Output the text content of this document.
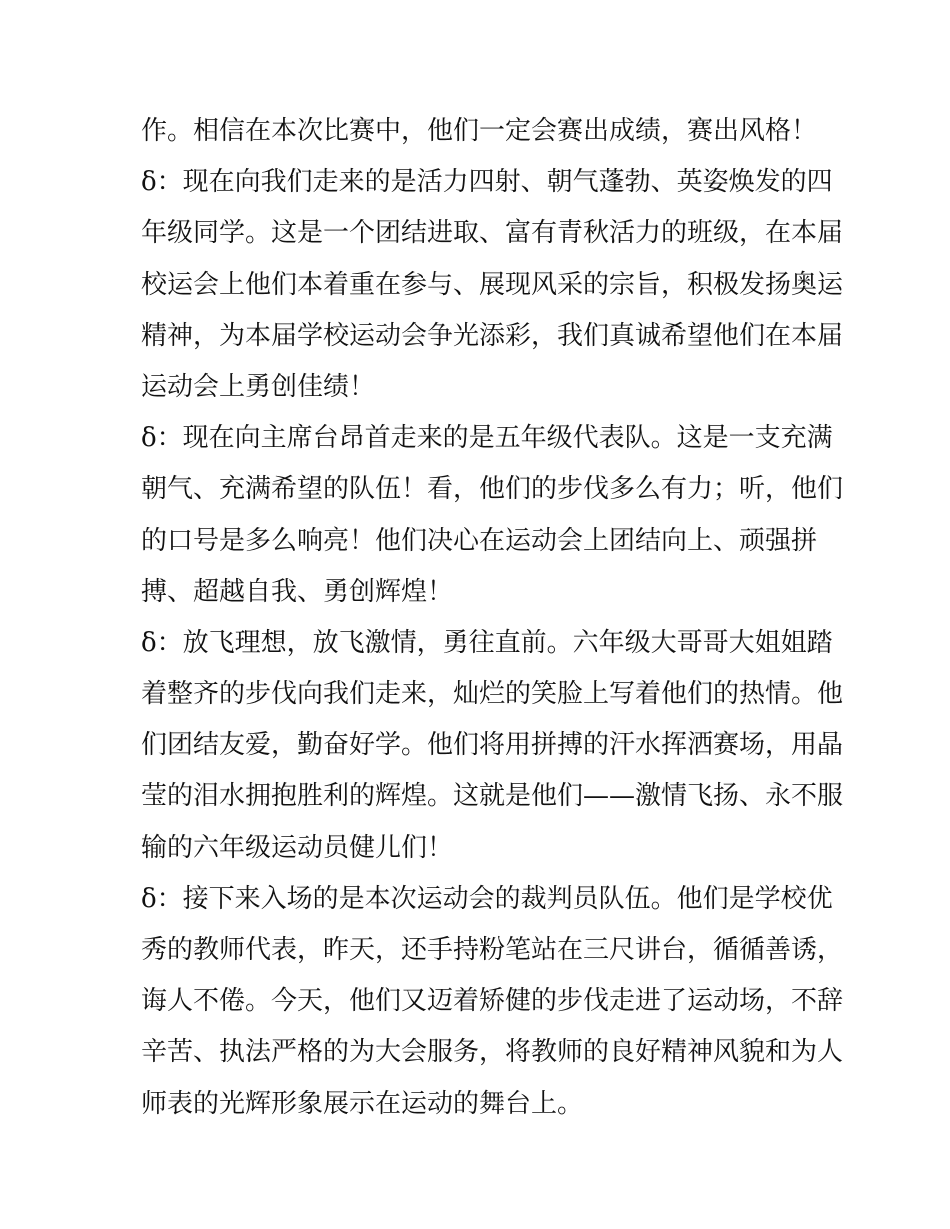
作。相信在本次比赛中，他们一定会赛出成绩，赛出风格！
δ：现在向我们走来的是活力四射、朝气蓬勃、英姿焕发的四
年级同学。这是一个团结进取、富有青秋活力的班级，在本届
校运会上他们本着重在参与、展现风采的宗旨，积极发扬奥运
精神，为本届学校运动会争光添彩，我们真诚希望他们在本届
运动会上勇创佳绩！
δ：现在向主席台昂首走来的是五年级代表队。这是一支充满
朝气、充满希望的队伍！看，他们的步伐多么有力；听，他们
的口号是多么响亮！他们决心在运动会上团结向上、顽强拼
搏、超越自我、勇创辉煌！
δ：放飞理想，放飞激情，勇往直前。六年级大哥哥大姐姐踏
着整齐的步伐向我们走来，灿烂的笑脸上写着他们的热情。他
们团结友爱，勤奋好学。他们将用拼搏的汗水挥洒赛场，用晶
莹的泪水拥抱胜利的辉煌。这就是他们——激情飞扬、永不服
输的六年级运动员健儿们！
δ：接下来入场的是本次运动会的裁判员队伍。他们是学校优
秀的教师代表，昨天，还手持粉笔站在三尺讲台，循循善诱，
诲人不倦。今天，他们又迈着矫健的步伐走进了运动场，不辞
辛苦、执法严格的为大会服务，将教师的良好精神风貌和为人
师表的光辉形象展示在运动的舞台上。
